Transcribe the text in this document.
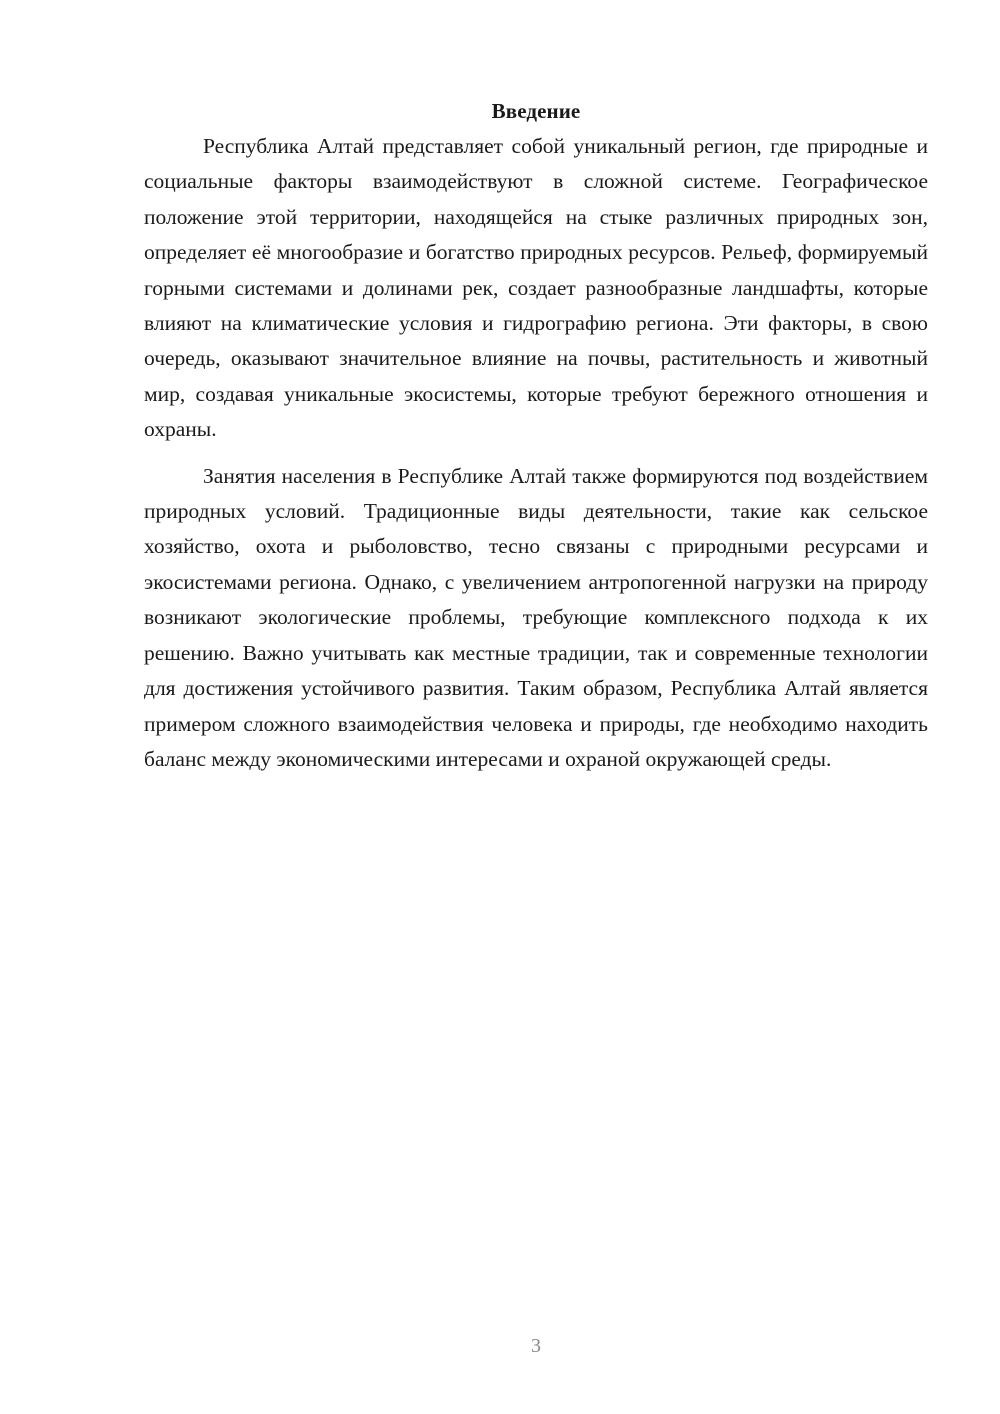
Введение

Республика Алтай представляет собой уникальный регион, где природные и социальные факторы взаимодействуют в сложной системе. Географическое положение этой территории, находящейся на стыке различных природных зон, определяет её многообразие и богатство природных ресурсов. Рельеф, формируемый горными системами и долинами рек, создает разнообразные ландшафты, которые влияют на климатические условия и гидрографию региона. Эти факторы, в свою очередь, оказывают значительное влияние на почвы, растительность и животный мир, создавая уникальные экосистемы, которые требуют бережного отношения и охраны.

Занятия населения в Республике Алтай также формируются под воздействием природных условий. Традиционные виды деятельности, такие как сельское хозяйство, охота и рыболовство, тесно связаны с природными ресурсами и экосистемами региона. Однако, с увеличением антропогенной нагрузки на природу возникают экологические проблемы, требующие комплексного подхода к их решению. Важно учитывать как местные традиции, так и современные технологии для достижения устойчивого развития. Таким образом, Республика Алтай является примером сложного взаимодействия человека и природы, где необходимо находить баланс между экономическими интересами и охраной окружающей среды.

3
